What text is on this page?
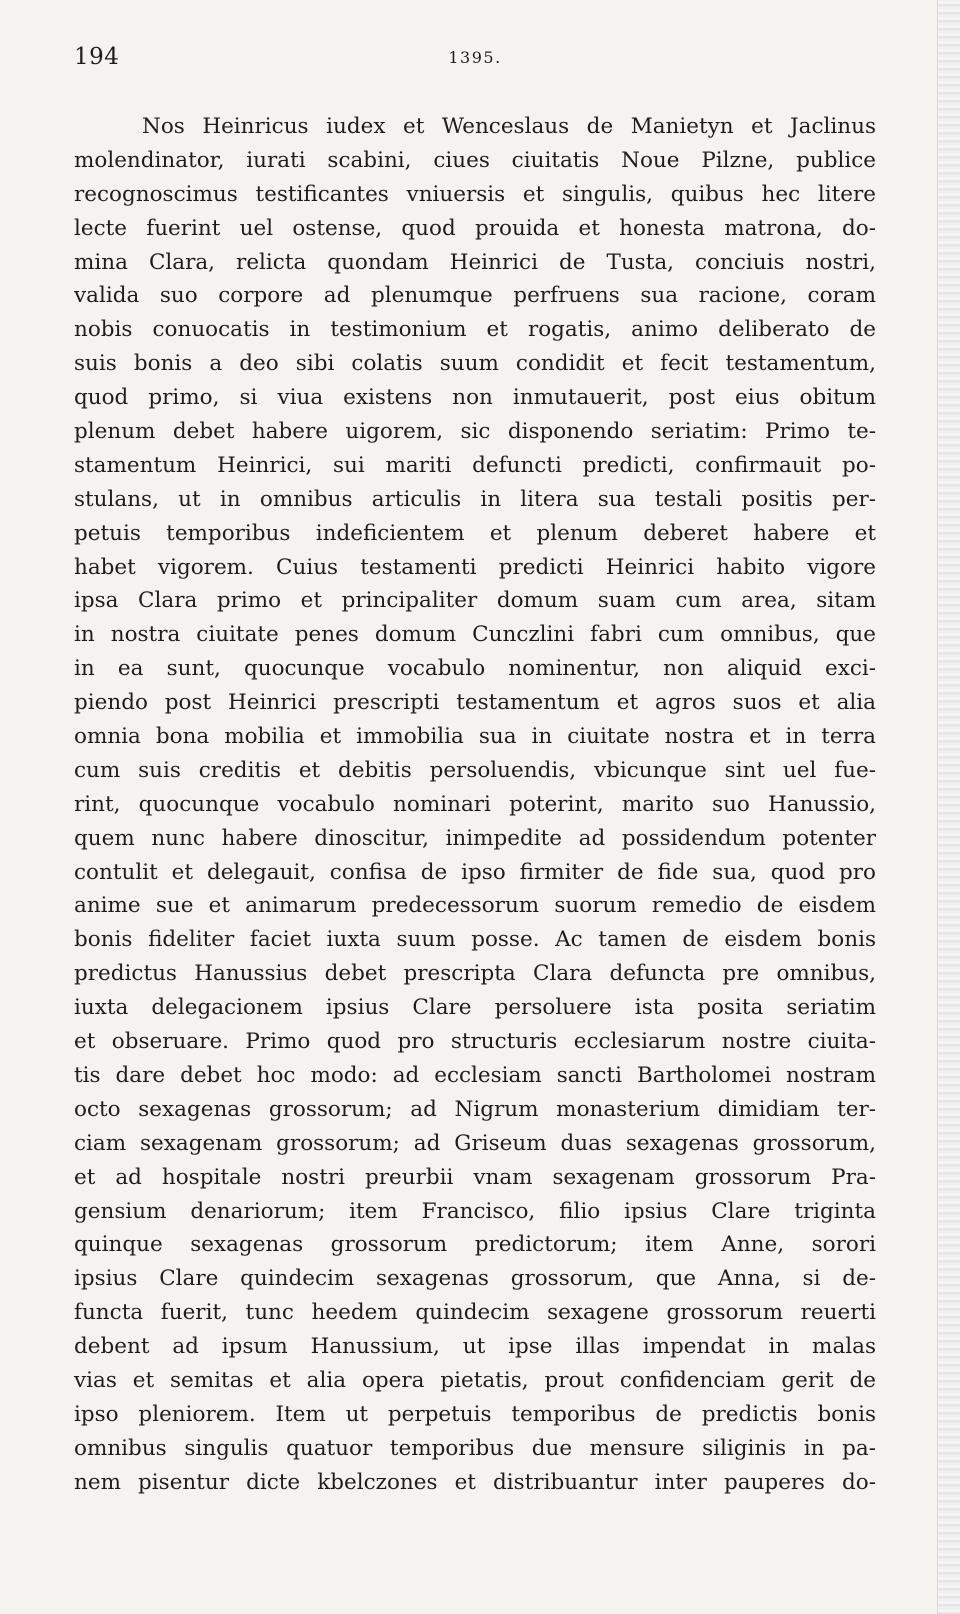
194	1395.
Nos Heinricus iudex et Wenceslaus de Manietyn et Jaclinus
molendinator, iurati scabini, ciues ciuitatis Noue Pilzne, publice
recognoscimus testificantes vniuersis et singulis, quibus hec litere
lecte fuerint uel ostense, quod prouida et honesta matrona, do-
mina Clara, relicta quondam Heinrici de Tusta, conciuis nostri,
valida suo corpore ad plenumque perfruens sua racione, coram
nobis conuocatis in testimonium et rogatis, animo deliberato de
suis bonis a deo sibi colatis suum condidit et fecit testamentum,
quod primo, si viua existens non inmutauerit, post eius obitum
plenum debet habere uigorem, sic disponendo seriatim: Primo te-
stamentum Heinrici, sui mariti defuncti predicti, confirmauit po-
stulans, ut in omnibus articulis in litera sua testali positis per-
petuis temporibus indeficientem et plenum deberet habere et
habet vigorem. Cuius testamenti predicti Heinrici habito vigore
ipsa Clara primo et principaliter domum suam cum area, sitam
in nostra ciuitate penes domum Cunczlini fabri cum omnibus, que
in ea sunt, quocunque vocabulo nominentur, non aliquid exci-
piendo post Heinrici prescripti testamentum et agros suos et alia
omnia bona mobilia et immobilia sua in ciuitate nostra et in terra
cum suis creditis et debitis persoluendis, vbicunque sint uel fue-
rint, quocunque vocabulo nominari poterint, marito suo Hanussio,
quem nunc habere dinoscitur, inimpedite ad possidendum potenter
contulit et delegauit, confisa de ipso firmiter de fide sua, quod pro
anime sue et animarum predecessorum suorum remedio de eisdem
bonis fideliter faciet iuxta suum posse. Ac tamen de eisdem bonis
predictus Hanussius debet prescripta Clara defuncta pre omnibus,
iuxta delegacionem ipsius Clare persoluere ista posita seriatim
et obseruare. Primo quod pro structuris ecclesiarum nostre ciuita-
tis dare debet hoc modo: ad ecclesiam sancti Bartholomei nostram
octo sexagenas grossorum; ad Nigrum monasterium dimidiam ter-
ciam sexagenam grossorum; ad Griseum duas sexagenas grossorum,
et ad hospitale nostri preurbii vnam sexagenam grossorum Pra-
gensium denariorum; item Francisco, filio ipsius Clare triginta
quinque sexagenas grossorum predictorum; item Anne, sorori
ipsius Clare quindecim sexagenas grossorum, que Anna, si de-
functa fuerit, tunc heedem quindecim sexagene grossorum reuerti
debent ad ipsum Hanussium, ut ipse illas impendat in malas
vias et semitas et alia opera pietatis, prout confidenciam gerit de
ipso pleniorem. Item ut perpetuis temporibus de predictis bonis
omnibus singulis quatuor temporibus due mensure siliginis in pa-
nem pisentur dicte kbelczones et distribuantur inter pauperes do-
